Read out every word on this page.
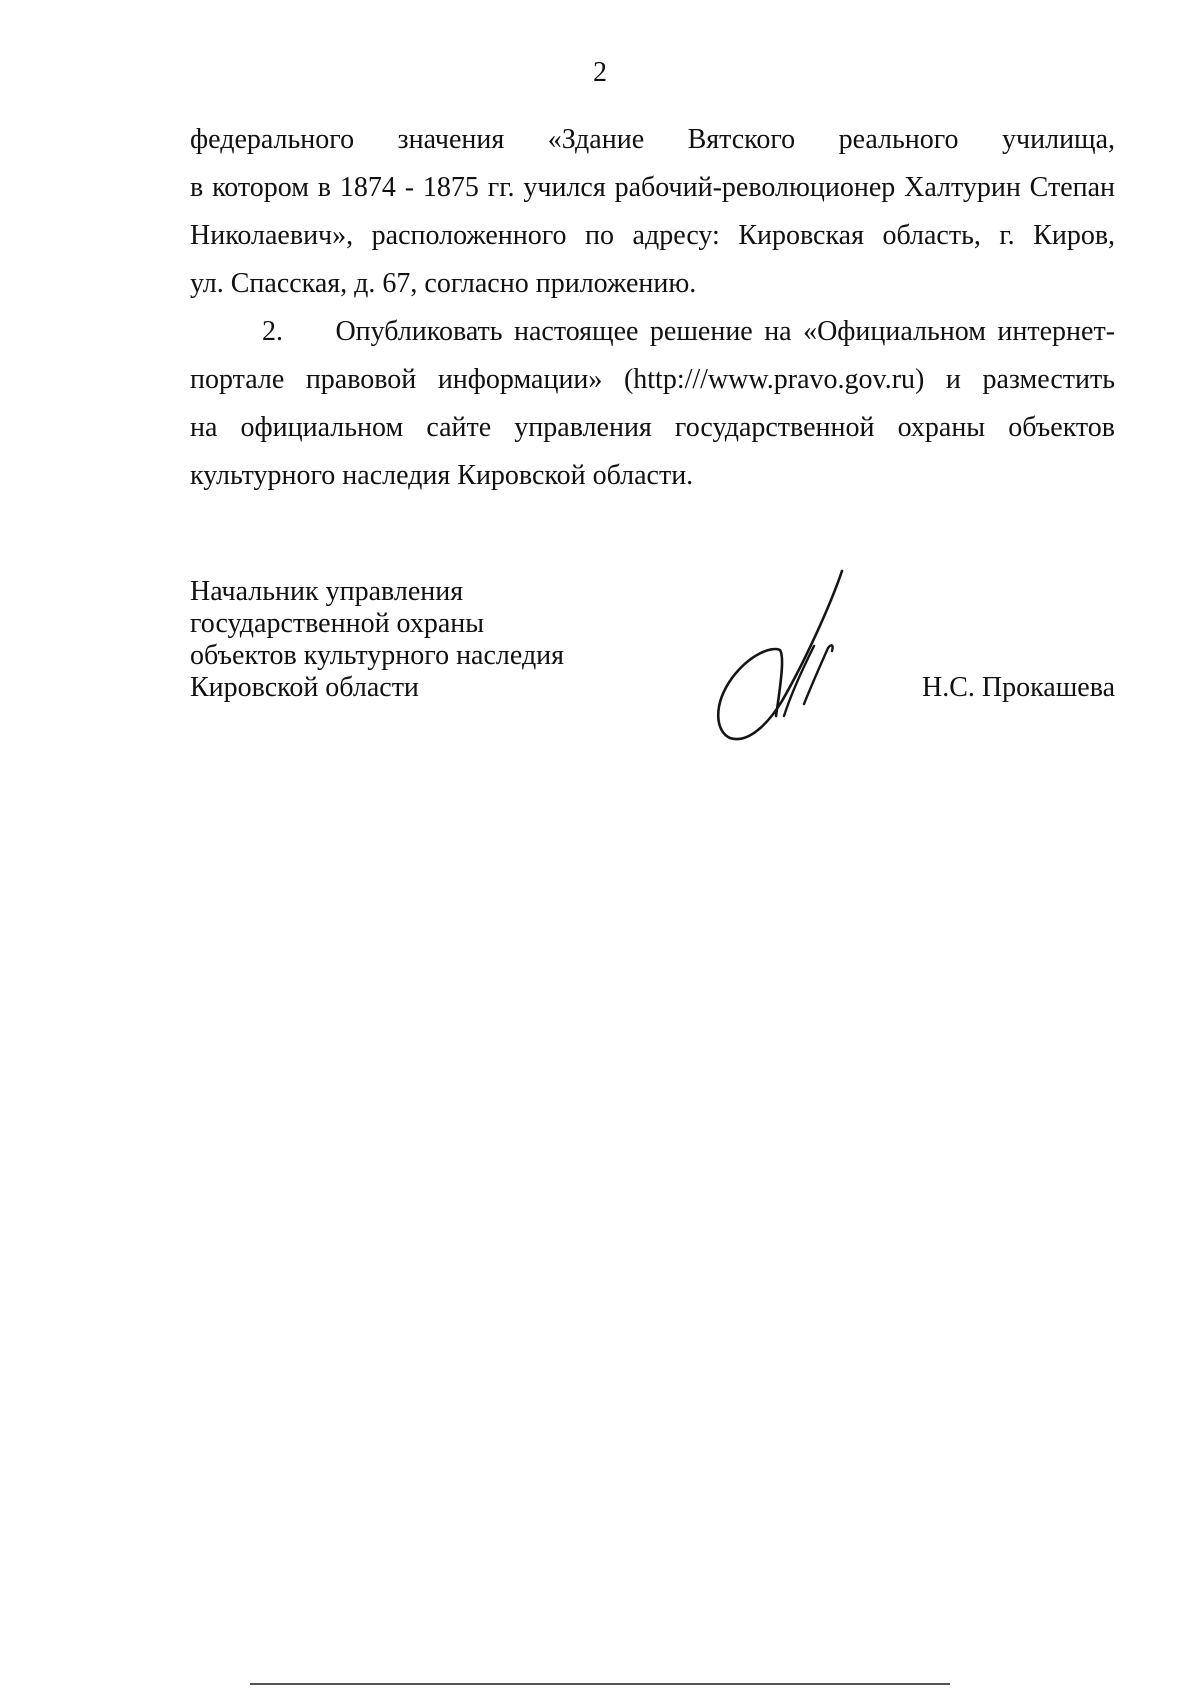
2
федерального значения «Здание Вятского реального училища,
в котором в 1874 - 1875 гг. учился рабочий-революционер Халтурин Степан
Николаевич», расположенного по адресу: Кировская область, г. Киров,
ул. Спасская, д. 67, согласно приложению.
2. Опубликовать настоящее решение на «Официальном интернет-
портале правовой информации» (http:///www.pravo.gov.ru) и разместить
на официальном сайте управления государственной охраны объектов
культурного наследия Кировской области.
Начальник управления
государственной охраны
объектов культурного наследия
Кировской области	Н.С. Прокашева
